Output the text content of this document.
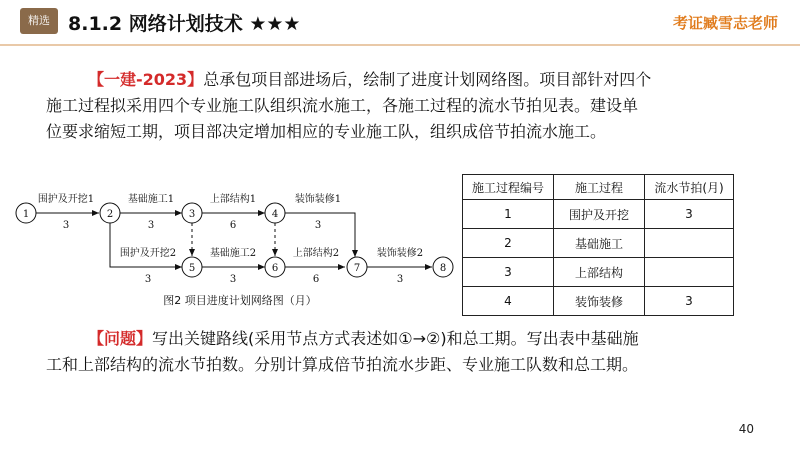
精选 8.1.2 网络计划技术 ★★★	考证臧雪志老师
【一建-2023】总承包项目部进场后，绘制了进度计划网络图。项目部针对四个
施工过程拟采用四个专业施工队组织流水施工，各施工过程的流水节拍见表。建设单
位要求缩短工期，项目部决定增加相应的专业施工队，组织成倍节拍流水施工。
1	2	3	4
5	6	7	8
围护及开挖1
3
基础施工1
3
上部结构1
6
装饰装修1
3
围护及开挖2
3
基础施工2
3
上部结构2
6
装饰装修2
3
图2 项目进度计划网络图（月）
施工过程编号	施工过程	流水节拍(月)
1	围护及开挖	3
2	基础施工	
3	上部结构	
4	装饰装修	3
【问题】写出关键路线(采用节点方式表述如①→②)和总工期。写出表中基础施
工和上部结构的流水节拍数。分别计算成倍节拍流水步距、专业施工队数和总工期。
40
